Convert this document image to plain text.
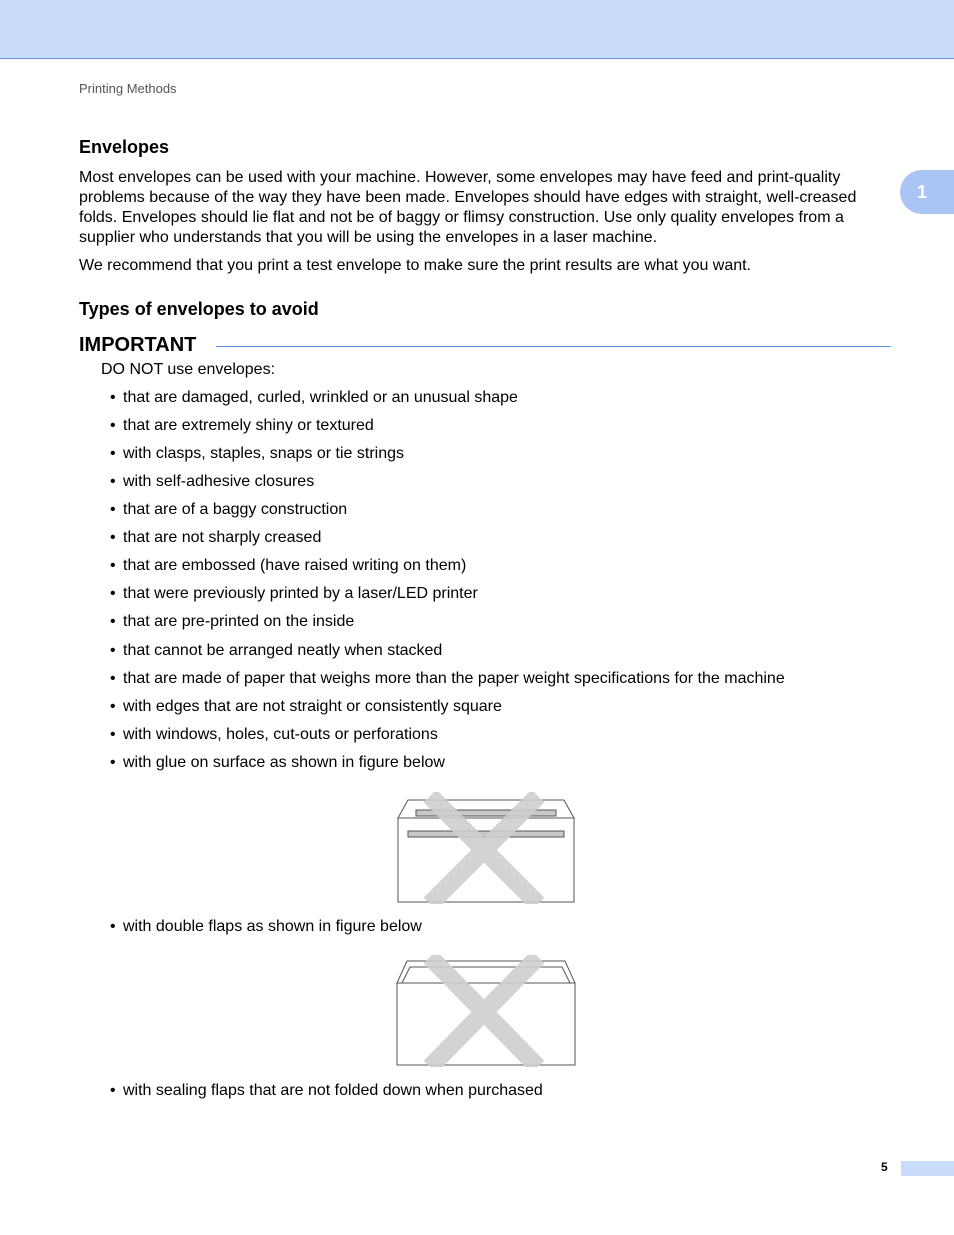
Printing Methods
1
Envelopes

Most envelopes can be used with your machine. However, some envelopes may have feed and print-quality problems because of the way they have been made. Envelopes should have edges with straight, well-creased folds. Envelopes should lie flat and not be of baggy or flimsy construction. Use only quality envelopes from a supplier who understands that you will be using the envelopes in a laser machine.

We recommend that you print a test envelope to make sure the print results are what you want.

Types of envelopes to avoid
IMPORTANT
DO NOT use envelopes:
• that are damaged, curled, wrinkled or an unusual shape
• that are extremely shiny or textured
• with clasps, staples, snaps or tie strings
• with self-adhesive closures
• that are of a baggy construction
• that are not sharply creased
• that are embossed (have raised writing on them)
• that were previously printed by a laser/LED printer
• that are pre-printed on the inside
• that cannot be arranged neatly when stacked
• that are made of paper that weighs more than the paper weight specifications for the machine
• with edges that are not straight or consistently square
• with windows, holes, cut-outs or perforations
• with glue on surface as shown in figure below
• with double flaps as shown in figure below
• with sealing flaps that are not folded down when purchased
5
